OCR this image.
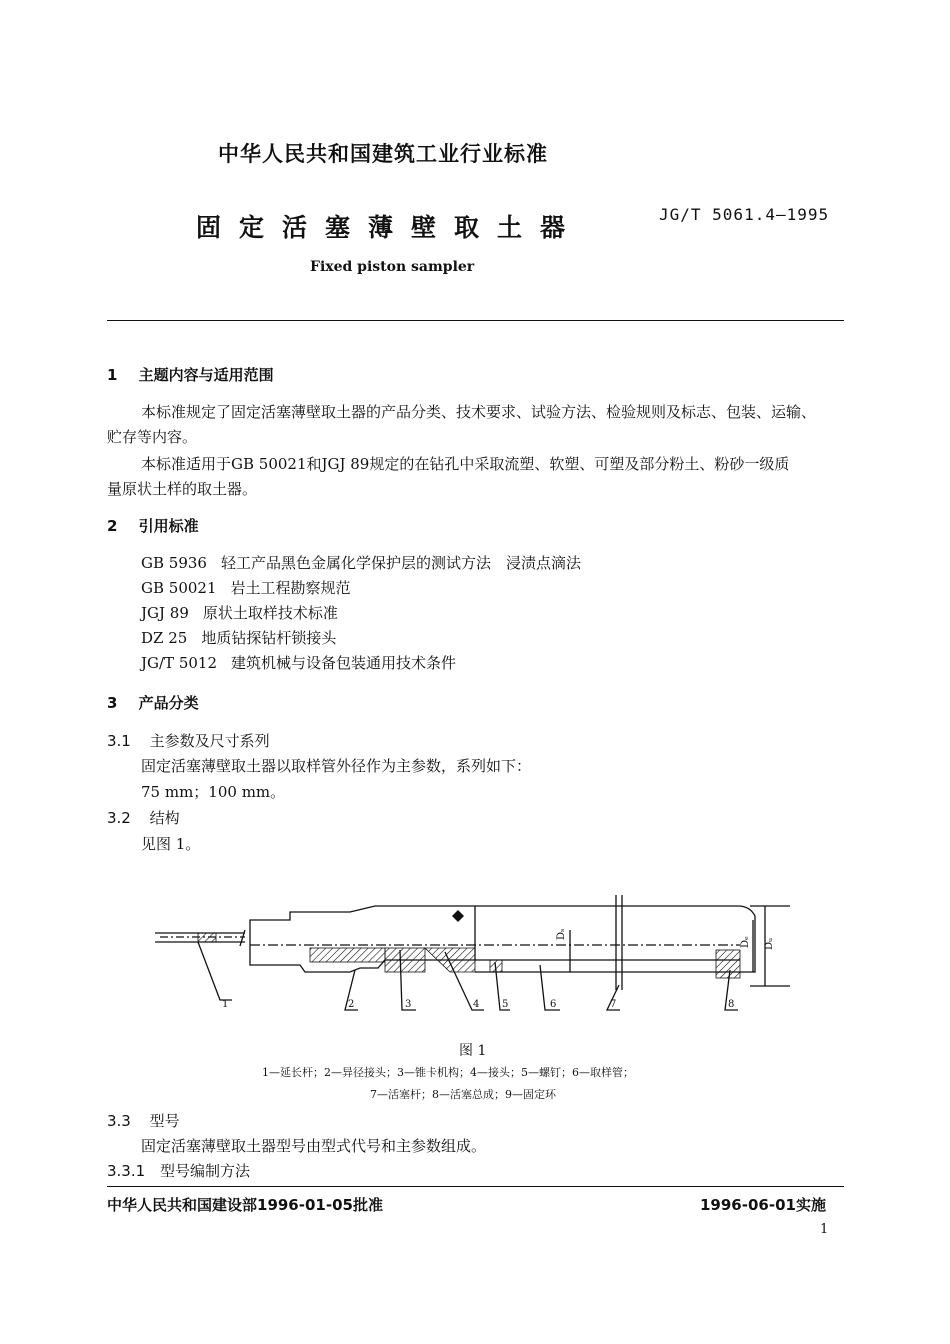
中华人民共和国建筑工业行业标准
固定活塞薄壁取土器	JG/T 5061.4—1995
Fixed piston sampler
1 主题内容与适用范围
本标准规定了固定活塞薄壁取土器的产品分类、技术要求、试验方法、检验规则及标志、包装、运输、
贮存等内容。
本标准适用于GB 50021和JGJ 89规定的在钻孔中采取流塑、软塑、可塑及部分粉土、粉砂一级质
量原状土样的取土器。
2 引用标准
GB 5936 轻工产品黑色金属化学保护层的测试方法　浸渍点滴法
GB 50021 岩土工程勘察规范
JGJ 89 原状土取样技术标准
DZ 25 地质钻探钻杆锁接头
JG/T 5012 建筑机械与设备包装通用技术条件
3 产品分类
3.1 主参数及尺寸系列
固定活塞薄壁取土器以取样管外径作为主参数，系列如下：
75 mm；100 mm。
3.2 结构
见图 1。
1	2	3	4 5	6	7	8
Dₛ
Dₑ Dᵤ
图 1
1—延长杆；2—异径接头；3—锥卡机构；4—接头；5—螺钉；6—取样管；
7—活塞杆；8—活塞总成；9—固定环
3.3 型号
固定活塞薄壁取土器型号由型式代号和主参数组成。
3.3.1 型号编制方法
中华人民共和国建设部1996-01-05批准	1996-06-01实施
1
